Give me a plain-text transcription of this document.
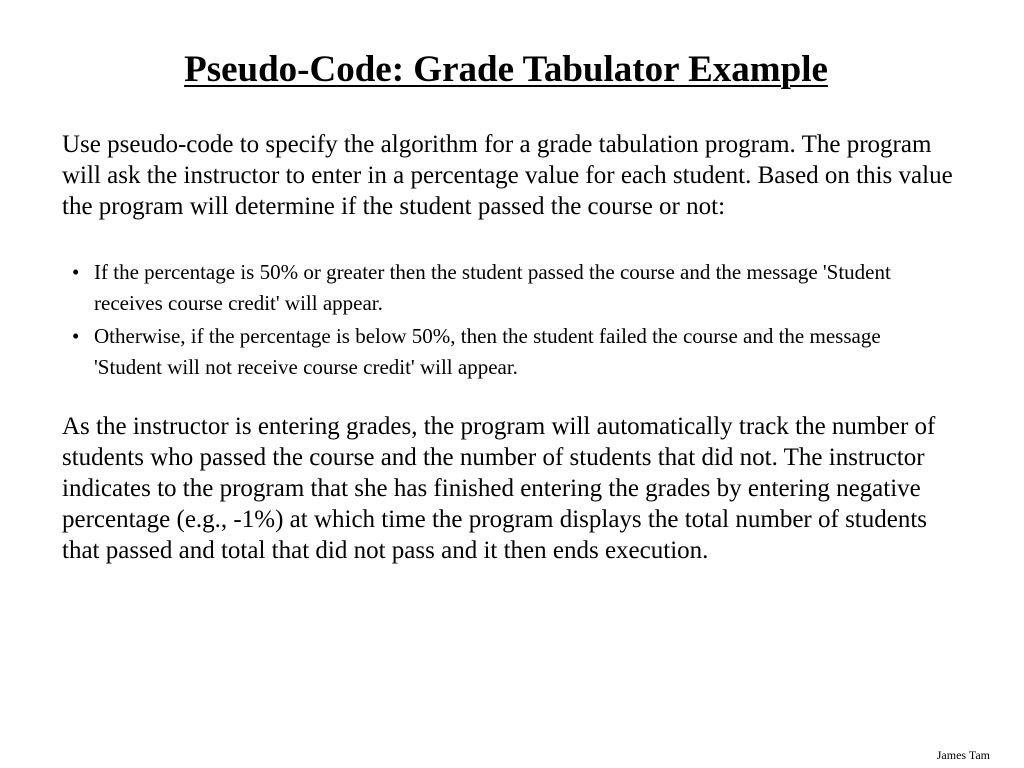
Pseudo-Code: Grade Tabulator Example

Use pseudo-code to specify the algorithm for a grade tabulation program. The program will ask the instructor to enter in a percentage value for each student. Based on this value the program will determine if the student passed the course or not:

• If the percentage is 50% or greater then the student passed the course and the message 'Student receives course credit' will appear.
• Otherwise, if the percentage is below 50%, then the student failed the course and the message 'Student will not receive course credit' will appear.

As the instructor is entering grades, the program will automatically track the number of students who passed the course and the number of students that did not. The instructor indicates to the program that she has finished entering the grades by entering negative percentage (e.g., -1%) at which time the program displays the total number of students that passed and total that did not pass and it then ends execution.

James Tam
